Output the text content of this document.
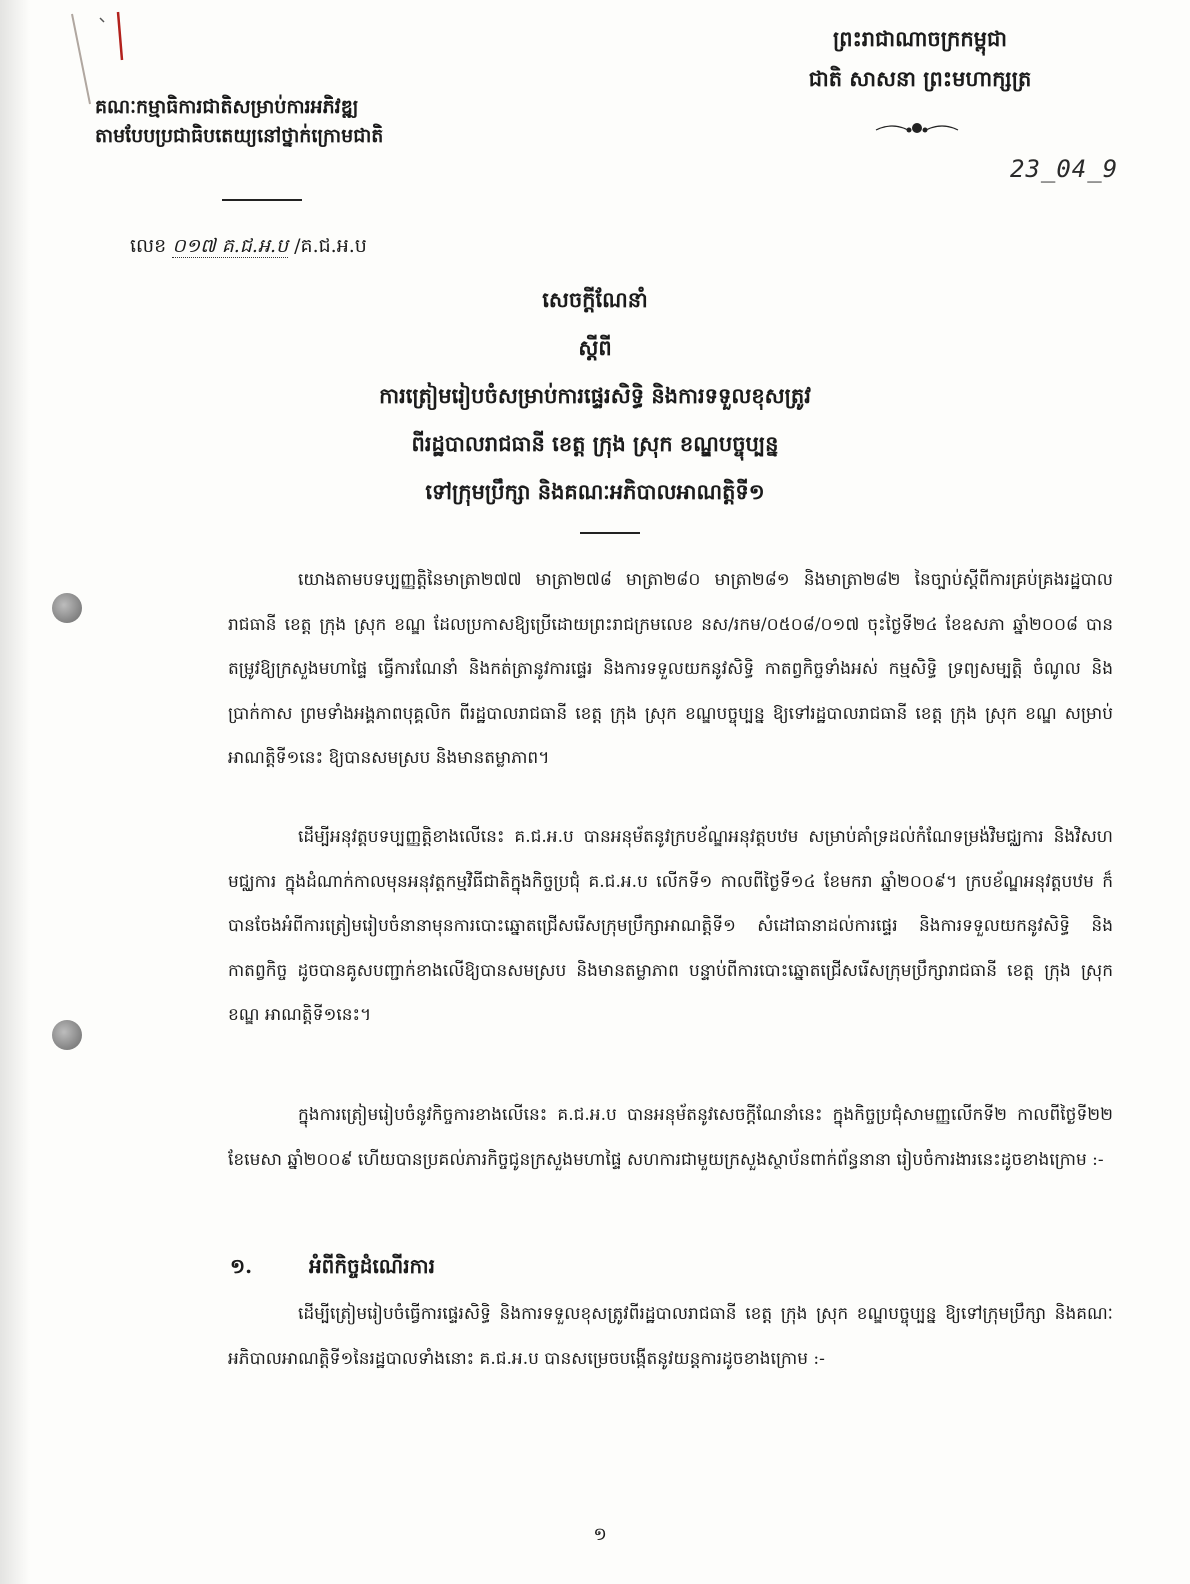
ព្រះរាជាណាចក្រកម្ពុជា
ជាតិ សាសនា ព្រះមហាក្សត្រ
23_04_9
គណៈកម្មាធិការជាតិសម្រាប់ការអភិវឌ្ឍ
តាមបែបប្រជាធិបតេយ្យនៅថ្នាក់ក្រោមជាតិ
លេខ ០១៧ គ.ជ.អ.ប /គ.ជ.អ.ប
សេចក្តីណែនាំ
ស្តីពី
ការត្រៀមរៀបចំសម្រាប់ការផ្ទេរសិទ្ធិ និងការទទួលខុសត្រូវ
ពីរដ្ឋបាលរាជធានី ខេត្ត ក្រុង ស្រុក ខណ្ឌបច្ចុប្បន្ន
ទៅក្រុមប្រឹក្សា និងគណៈអភិបាលអាណត្តិទី១
យោងតាមបទប្បញ្ញត្តិនៃមាត្រា២៧៧ មាត្រា២៧៨ មាត្រា២៨០ មាត្រា២៨១ និងមាត្រា២៨២ នៃច្បាប់ស្តីពីការគ្រប់គ្រងរដ្ឋបាលរាជធានី ខេត្ត ក្រុង ស្រុក ខណ្ឌ ដែលប្រកាសឱ្យប្រើដោយព្រះរាជក្រមលេខ នស/រកម/០៥០៨/០១៧ ចុះថ្ងៃទី២៤ ខែឧសភា ឆ្នាំ២០០៨ បានតម្រូវឱ្យក្រសួងមហាផ្ទៃ ធ្វើការណែនាំ និងកត់ត្រានូវការផ្ទេរ និងការទទួលយកនូវសិទ្ធិ កាតព្វកិច្ចទាំងអស់ កម្មសិទ្ធិ ទ្រព្យសម្បត្តិ ចំណូល និងប្រាក់កាស ព្រមទាំងអង្គភាពបុគ្គលិក ពីរដ្ឋបាលរាជធានី ខេត្ត ក្រុង ស្រុក ខណ្ឌបច្ចុប្បន្ន ឱ្យទៅរដ្ឋបាលរាជធានី ខេត្ត ក្រុង ស្រុក ខណ្ឌ សម្រាប់អាណត្តិទី១នេះ ឱ្យបានសមស្រប និងមានតម្លាភាព។
ដើម្បីអនុវត្តបទប្បញ្ញត្តិខាងលើនេះ គ.ជ.អ.ប បានអនុម័តនូវក្របខ័ណ្ឌអនុវត្តបឋម សម្រាប់គាំទ្រដល់កំណែទម្រង់វិមជ្ឈការ និងវិសហមជ្ឈការ ក្នុងដំណាក់កាលមុនអនុវត្តកម្មវិធីជាតិក្នុងកិច្ចប្រជុំ គ.ជ.អ.ប លើកទី១ កាលពីថ្ងៃទី១៤ ខែមករា ឆ្នាំ២០០៩។ ក្របខ័ណ្ឌអនុវត្តបឋម ក៏បានចែងអំពីការត្រៀមរៀបចំនានាមុនការបោះឆ្នោតជ្រើសរើសក្រុមប្រឹក្សាអាណត្តិទី១ សំដៅធានាដល់ការផ្ទេរ និងការទទួលយកនូវសិទ្ធិ និងកាតព្វកិច្ច ដូចបានគូសបញ្ជាក់ខាងលើឱ្យបានសមស្រប និងមានតម្លាភាព បន្ទាប់ពីការបោះឆ្នោតជ្រើសរើសក្រុមប្រឹក្សារាជធានី ខេត្ត ក្រុង ស្រុក ខណ្ឌ អាណត្តិទី១នេះ។
ក្នុងការត្រៀមរៀបចំនូវកិច្ចការខាងលើនេះ គ.ជ.អ.ប បានអនុម័តនូវសេចក្តីណែនាំនេះ ក្នុងកិច្ចប្រជុំសាមញ្ញលើកទី២ កាលពីថ្ងៃទី២២ ខែមេសា ឆ្នាំ២០០៩ ហើយបានប្រគល់ភារកិច្ចជូនក្រសួងមហាផ្ទៃ សហការជាមួយក្រសួងស្ថាប័នពាក់ព័ន្ធនានា រៀបចំការងារនេះដូចខាងក្រោម :-
១.	អំពីកិច្ចដំណើរការ
ដើម្បីត្រៀមរៀបចំធ្វើការផ្ទេរសិទ្ធិ និងការទទួលខុសត្រូវពីរដ្ឋបាលរាជធានី ខេត្ត ក្រុង ស្រុក ខណ្ឌបច្ចុប្បន្ន ឱ្យទៅក្រុមប្រឹក្សា និងគណៈអភិបាលអាណត្តិទី១នៃរដ្ឋបាលទាំងនោះ គ.ជ.អ.ប បានសម្រេចបង្កើតនូវយន្តការដូចខាងក្រោម :-
១
